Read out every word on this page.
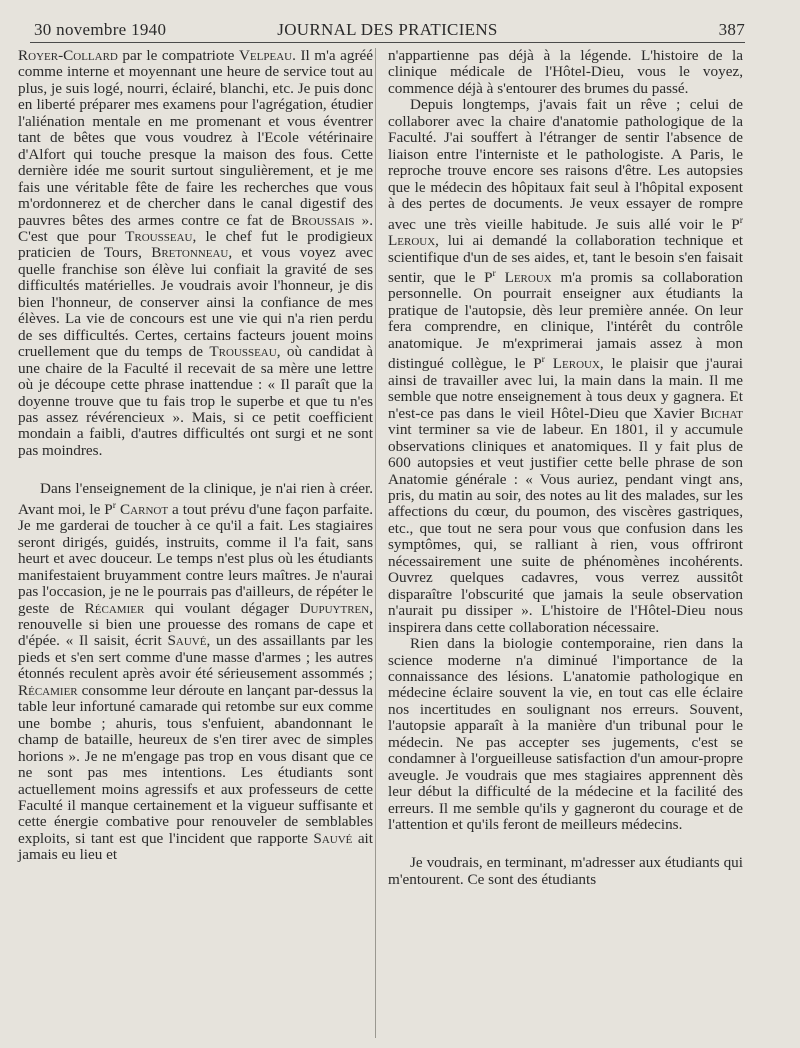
30 novembre 1940	JOURNAL DES PRATICIENS	387

Royer-Collard par le compatriote Velpeau. Il m'a agréé comme interne et moyennant une heure de service tout au plus, je suis logé, nourri, éclairé, blanchi, etc. Je puis donc en liberté préparer mes examens pour l'agrégation, étudier l'aliénation mentale en me promenant et vous éventrer tant de bêtes que vous voudrez à l'Ecole vétérinaire d'Alfort qui touche presque la maison des fous. Cette dernière idée me sourit surtout singulièrement, et je me fais une véritable fête de faire les recherches que vous m'ordonnerez et de chercher dans le canal digestif des pauvres bêtes des armes contre ce fat de Broussais ». C'est que pour Trousseau, le chef fut le prodigieux praticien de Tours, Bretonneau, et vous voyez avec quelle franchise son élève lui confiait la gravité de ses difficultés matérielles. Je voudrais avoir l'honneur, je dis bien l'honneur, de conserver ainsi la confiance de mes élèves. La vie de concours est une vie qui n'a rien perdu de ses difficultés. Certes, certains facteurs jouent moins cruellement que du temps de Trousseau, où candidat à une chaire de la Faculté il recevait de sa mère une lettre où je découpe cette phrase inattendue : « Il paraît que la doyenne trouve que tu fais trop le superbe et que tu n'es pas assez révérencieux ». Mais, si ce petit coefficient mondain a faibli, d'autres difficultés ont surgi et ne sont pas moindres.

Dans l'enseignement de la clinique, je n'ai rien à créer. Avant moi, le $P^r$ Carnot a tout prévu d'une façon parfaite. Je me garderai de toucher à ce qu'il a fait. Les stagiaires seront dirigés, guidés, instruits, comme il l'a fait, sans heurt et avec douceur. Le temps n'est plus où les étudiants manifestaient bruyamment contre leurs maîtres. Je n'aurai pas l'occasion, je ne le pourrais pas d'ailleurs, de répéter le geste de Récamier qui voulant dégager Dupuytren, renouvelle si bien une prouesse des romans de cape et d'épée. « Il saisit, écrit Sauvé, un des assaillants par les pieds et s'en sert comme d'une masse d'armes ; les autres étonnés reculent après avoir été sérieusement assommés ; Récamier consomme leur déroute en lançant par-dessus la table leur infortuné camarade qui retombe sur eux comme une bombe ; ahuris, tous s'enfuient, abandonnant le champ de bataille, heureux de s'en tirer avec de simples horions ». Je ne m'engage pas trop en vous disant que ce ne sont pas mes intentions. Les étudiants sont actuellement moins agressifs et aux professeurs de cette Faculté il manque certainement et la vigueur suffisante et cette énergie combative pour renouveler de semblables exploits, si tant est que l'incident que rapporte Sauvé ait jamais eu lieu et

n'appartienne pas déjà à la légende. L'histoire de la clinique médicale de l'Hôtel-Dieu, vous le voyez, commence déjà à s'entourer des brumes du passé.

Depuis longtemps, j'avais fait un rêve ; celui de collaborer avec la chaire d'anatomie pathologique de la Faculté. J'ai souffert à l'étranger de sentir l'absence de liaison entre l'interniste et le pathologiste. A Paris, le reproche trouve encore ses raisons d'être. Les autopsies que le médecin des hôpitaux fait seul à l'hôpital exposent à des pertes de documents. Je veux essayer de rompre avec une très vieille habitude. Je suis allé voir le $P^r$ Leroux, lui ai demandé la collaboration technique et scientifique d'un de ses aides, et, tant le besoin s'en faisait sentir, que le $P^r$ Leroux m'a promis sa collaboration personnelle. On pourrait enseigner aux étudiants la pratique de l'autopsie, dès leur première année. On leur fera comprendre, en clinique, l'intérêt du contrôle anatomique. Je m'exprimerai jamais assez à mon distingué collègue, le $P^r$ Leroux, le plaisir que j'aurai ainsi de travailler avec lui, la main dans la main. Il me semble que notre enseignement à tous deux y gagnera. Et n'est-ce pas dans le vieil Hôtel-Dieu que Xavier Bichat vint terminer sa vie de labeur. En 1801, il y accumule observations cliniques et anatomiques. Il y fait plus de 600 autopsies et veut justifier cette belle phrase de son Anatomie générale : « Vous auriez, pendant vingt ans, pris, du matin au soir, des notes au lit des malades, sur les affections du cœur, du poumon, des viscères gastriques, etc., que tout ne sera pour vous que confusion dans les symptômes, qui, se ralliant à rien, vous offriront nécessairement une suite de phénomènes incohérents. Ouvrez quelques cadavres, vous verrez aussitôt disparaître l'obscurité que jamais la seule observation n'aurait pu dissiper ». L'histoire de l'Hôtel-Dieu nous inspirera dans cette collaboration nécessaire.

Rien dans la biologie contemporaine, rien dans la science moderne n'a diminué l'importance de la connaissance des lésions. L'anatomie pathologique en médecine éclaire souvent la vie, en tout cas elle éclaire nos incertitudes en soulignant nos erreurs. Souvent, l'autopsie apparaît à la manière d'un tribunal pour le médecin. Ne pas accepter ses jugements, c'est se condamner à l'orgueilleuse satisfaction d'un amour-propre aveugle. Je voudrais que mes stagiaires apprennent dès leur début la difficulté de la médecine et la facilité des erreurs. Il me semble qu'ils y gagneront du courage et de l'attention et qu'ils feront de meilleurs médecins.

Je voudrais, en terminant, m'adresser aux étudiants qui m'entourent. Ce sont des étudiants
